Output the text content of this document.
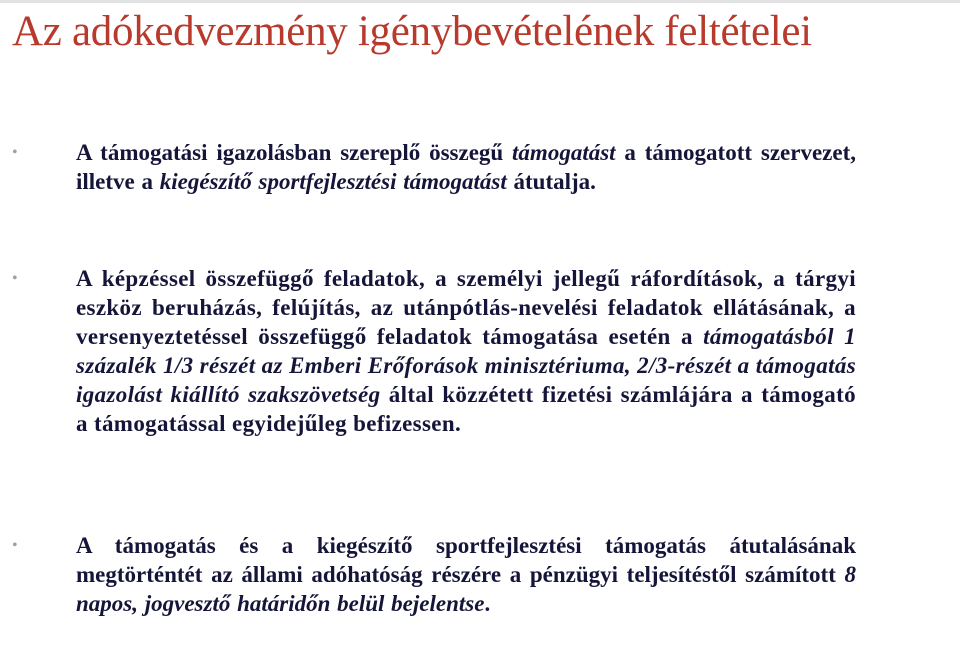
Az adókedvezmény igénybevételének feltételei
•	A támogatási igazolásban szereplő összegű támogatást a támogatott szervezet, illetve a kiegészítő sportfejlesztési támogatást átutalja.
•	A képzéssel összefüggő feladatok, a személyi jellegű ráfordítások, a tárgyi eszköz beruházás, felújítás, az utánpótlás-nevelési feladatok ellátásának, a versenyeztetéssel összefüggő feladatok támogatása esetén a támogatásból 1 százalék 1/3 részét az Emberi Erőforások minisztériuma, 2/3-részét a támogatás igazolást kiállító szakszövetség által közzétett fizetési számlájára a támogató a támogatással egyidejűleg befizessen.
•	A támogatás és a kiegészítő sportfejlesztési támogatás átutalásának megtörténtét az állami adóhatóság részére a pénzügyi teljesítéstől számított 8 napos, jogvesztő határidőn belül bejelentse.
